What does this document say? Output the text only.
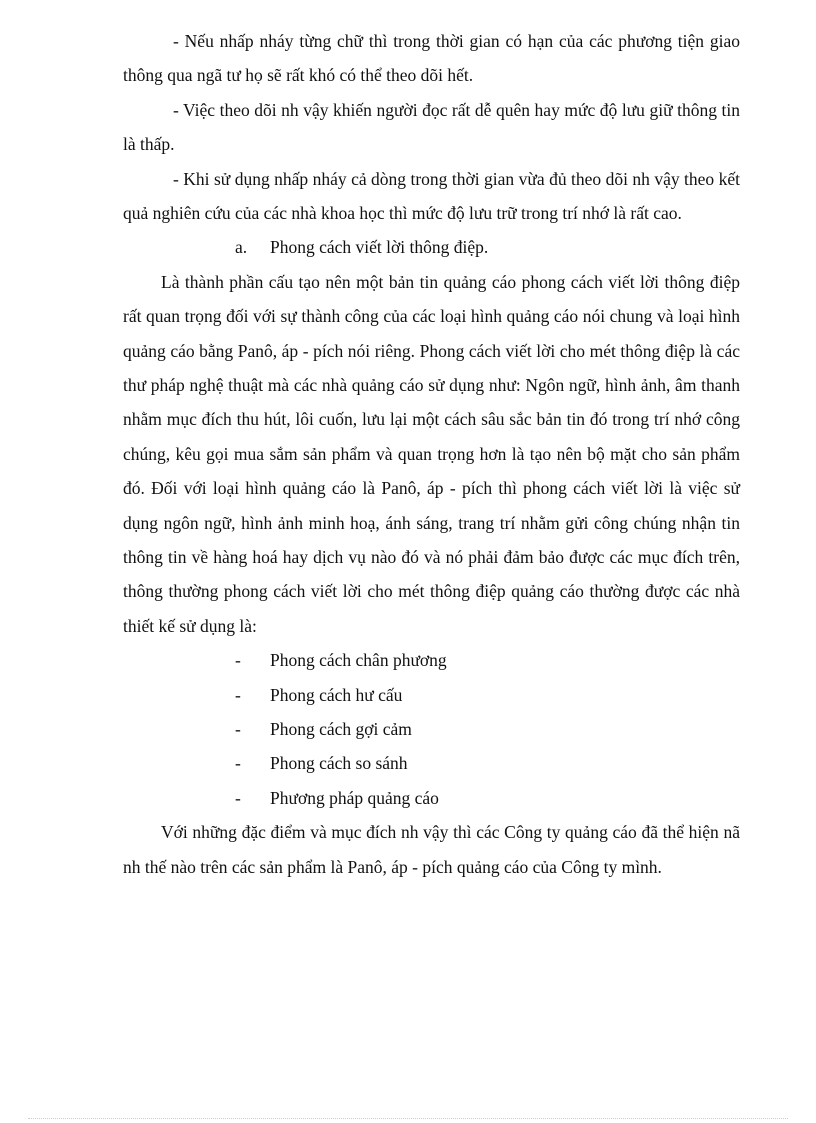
- Nếu nhấp nháy từng chữ thì trong thời gian có hạn của các phương tiện giao thông qua ngã tư họ sẽ rất khó có thể theo dõi hết.

- Việc theo dõi nh vậy khiến người đọc rất dễ quên hay mức độ lưu giữ thông tin là thấp.

- Khi sử dụng nhấp nháy cả dòng trong thời gian vừa đủ theo dõi nh vậy theo kết quả nghiên cứu của các nhà khoa học thì mức độ lưu trữ trong trí nhớ là rất cao.

a. Phong cách viết lời thông điệp.

Là thành phần cấu tạo nên một bản tin quảng cáo phong cách viết lời thông điệp rất quan trọng đối với sự thành công của các loại hình quảng cáo nói chung và loại hình quảng cáo bằng Panô, áp - pích nói riêng. Phong cách viết lời cho mét thông điệp là các thư pháp nghệ thuật mà các nhà quảng cáo sử dụng như: Ngôn ngữ, hình ảnh, âm thanh nhằm mục đích thu hút, lôi cuốn, lưu lại một cách sâu sắc bản tin đó trong trí nhớ công chúng, kêu gọi mua sắm sản phẩm và quan trọng hơn là tạo nên bộ mặt cho sản phẩm đó. Đối với loại hình quảng cáo là Panô, áp - pích thì phong cách viết lời là việc sử dụng ngôn ngữ, hình ảnh minh hoạ, ánh sáng, trang trí nhằm gửi công chúng nhận tin thông tin về hàng hoá hay dịch vụ nào đó và nó phải đảm bảo được các mục đích trên, thông thường phong cách viết lời cho mét thông điệp quảng cáo thường được các nhà thiết kế sử dụng là:

- Phong cách chân phương
- Phong cách hư cấu
- Phong cách gợi cảm
- Phong cách so sánh
- Phương pháp quảng cáo

Với những đặc điểm và mục đích nh vậy thì các Công ty quảng cáo đã thể hiện nã nh thế nào trên các sản phẩm là Panô, áp - pích quảng cáo của Công ty mình.
